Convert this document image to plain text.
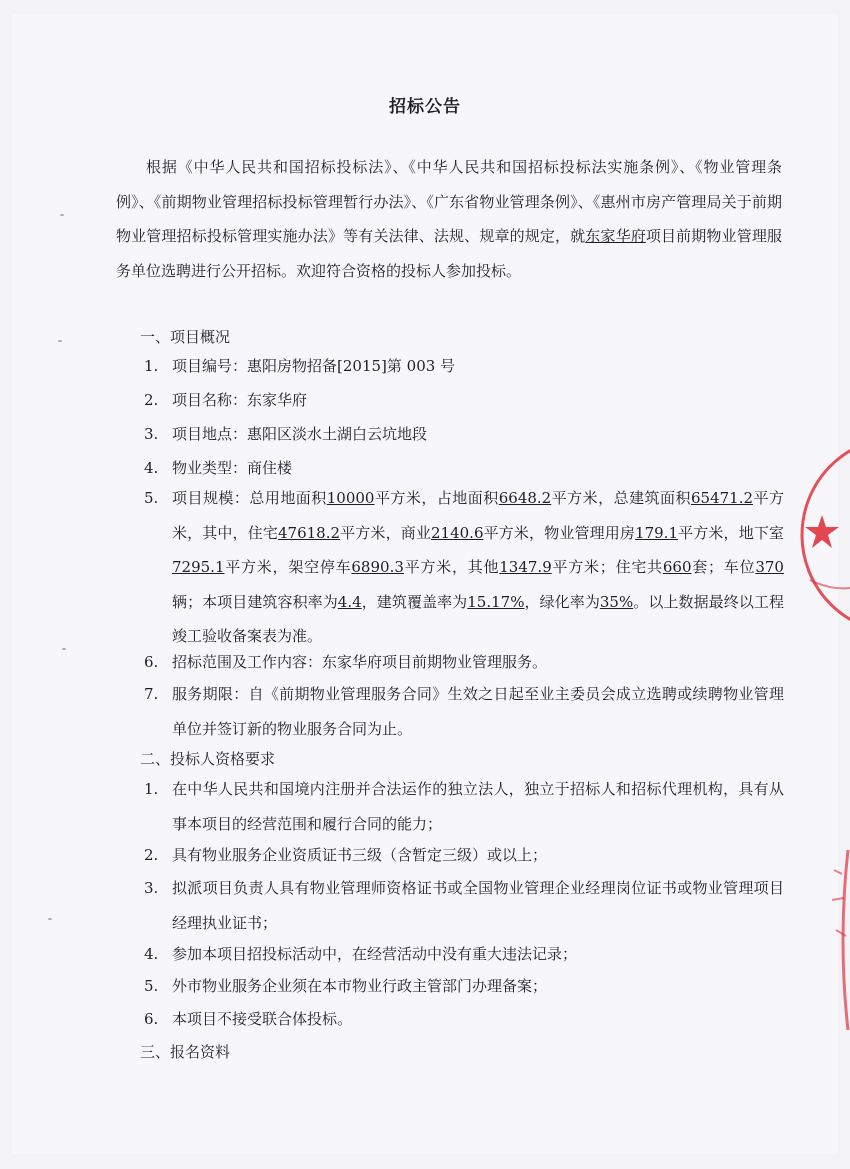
招标公告
根据《中华人民共和国招标投标法》、《中华人民共和国招标投标法实施条例》、《物业管理条例》、《前期物业管理招标投标管理暂行办法》、《广东省物业管理条例》、《惠州市房产管理局关于前期物业管理招标投标管理实施办法》等有关法律、法规、规章的规定，就东家华府项目前期物业管理服务单位选聘进行公开招标。欢迎符合资格的投标人参加投标。
一、项目概况
1. 项目编号：惠阳房物招备[2015]第 003 号
2. 项目名称：东家华府
3. 项目地点：惠阳区淡水土湖白云坑地段
4. 物业类型：商住楼
5. 项目规模：总用地面积10000平方米，占地面积6648.2平方米，总建筑面积65471.2平方米，其中，住宅47618.2平方米，商业2140.6平方米，物业管理用房179.1平方米，地下室7295.1平方米，架空停车6890.3平方米，其他1347.9平方米；住宅共660套；车位370辆；本项目建筑容积率为4.4，建筑覆盖率为15.17%，绿化率为35%。以上数据最终以工程竣工验收备案表为准。
6. 招标范围及工作内容：东家华府项目前期物业管理服务。
7. 服务期限：自《前期物业管理服务合同》生效之日起至业主委员会成立选聘或续聘物业管理单位并签订新的物业服务合同为止。
二、投标人资格要求
1. 在中华人民共和国境内注册并合法运作的独立法人，独立于招标人和招标代理机构，具有从事本项目的经营范围和履行合同的能力；
2. 具有物业服务企业资质证书三级（含暂定三级）或以上；
3. 拟派项目负责人具有物业管理师资格证书或全国物业管理企业经理岗位证书或物业管理项目经理执业证书；
4. 参加本项目招投标活动中，在经营活动中没有重大违法记录；
5. 外市物业服务企业须在本市物业行政主管部门办理备案；
6. 本项目不接受联合体投标。
三、报名资料
